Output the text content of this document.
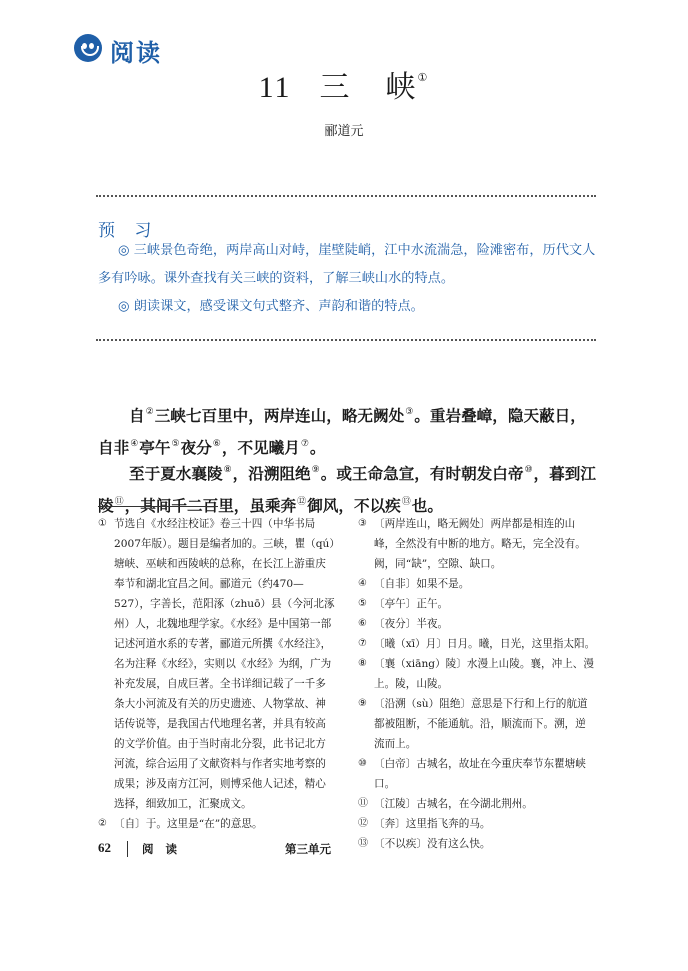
阅读
11 三 峡①
郦道元
预 习
◎ 三峡景色奇绝，两岸高山对峙，崖壁陡峭，江中水流湍急，险滩密布，历代文人多有吟咏。课外查找有关三峡的资料，了解三峡山水的特点。
◎ 朗读课文，感受课文句式整齐、声韵和谐的特点。
自②三峡七百里中，两岸连山，略无阙处③。重岩叠嶂，隐天蔽日，自非④亭午⑤夜分⑥，不见曦月⑦。
至于夏水襄陵⑧，沿溯阻绝⑨。或王命急宣，有时朝发白帝⑩，暮到江陵⑪，其间千二百里，虽乘奔⑫御风，不以疾⑬也。
① 节选自《水经注校证》卷三十四（中华书局2007年版）。题目是编者加的。三峡，瞿（qú）塘峡、巫峡和西陵峡的总称，在长江上游重庆奉节和湖北宜昌之间。郦道元（约470—527），字善长，范阳涿（zhuō）县（今河北涿州）人，北魏地理学家。《水经》是中国第一部记述河道水系的专著，郦道元所撰《水经注》，名为注释《水经》，实则以《水经》为纲，广为补充发展，自成巨著。全书详细记载了一千多条大小河流及有关的历史遗迹、人物掌故、神话传说等，是我国古代地理名著，并具有较高的文学价值。由于当时南北分裂，此书记北方河流，综合运用了文献资料与作者实地考察的成果；涉及南方江河，则博采他人记述，精心选择，细致加工，汇聚成文。
② 〔自〕于。这里是“在”的意思。
③ 〔两岸连山，略无阙处〕两岸都是相连的山峰，全然没有中断的地方。略无，完全没有。阙，同“缺”，空隙、缺口。
④ 〔自非〕如果不是。
⑤ 〔亭午〕正午。
⑥ 〔夜分〕半夜。
⑦ 〔曦（xī）月〕日月。曦，日光，这里指太阳。
⑧ 〔襄（xiāng）陵〕水漫上山陵。襄，冲上、漫上。陵，山陵。
⑨ 〔沿溯（sù）阻绝〕意思是下行和上行的航道都被阻断，不能通航。沿，顺流而下。溯，逆流而上。
⑩ 〔白帝〕古城名，故址在今重庆奉节东瞿塘峡口。
⑪ 〔江陵〕古城名，在今湖北荆州。
⑫ 〔奔〕这里指飞奔的马。
⑬ 〔不以疾〕没有这么快。
62	阅 读	第三单元
